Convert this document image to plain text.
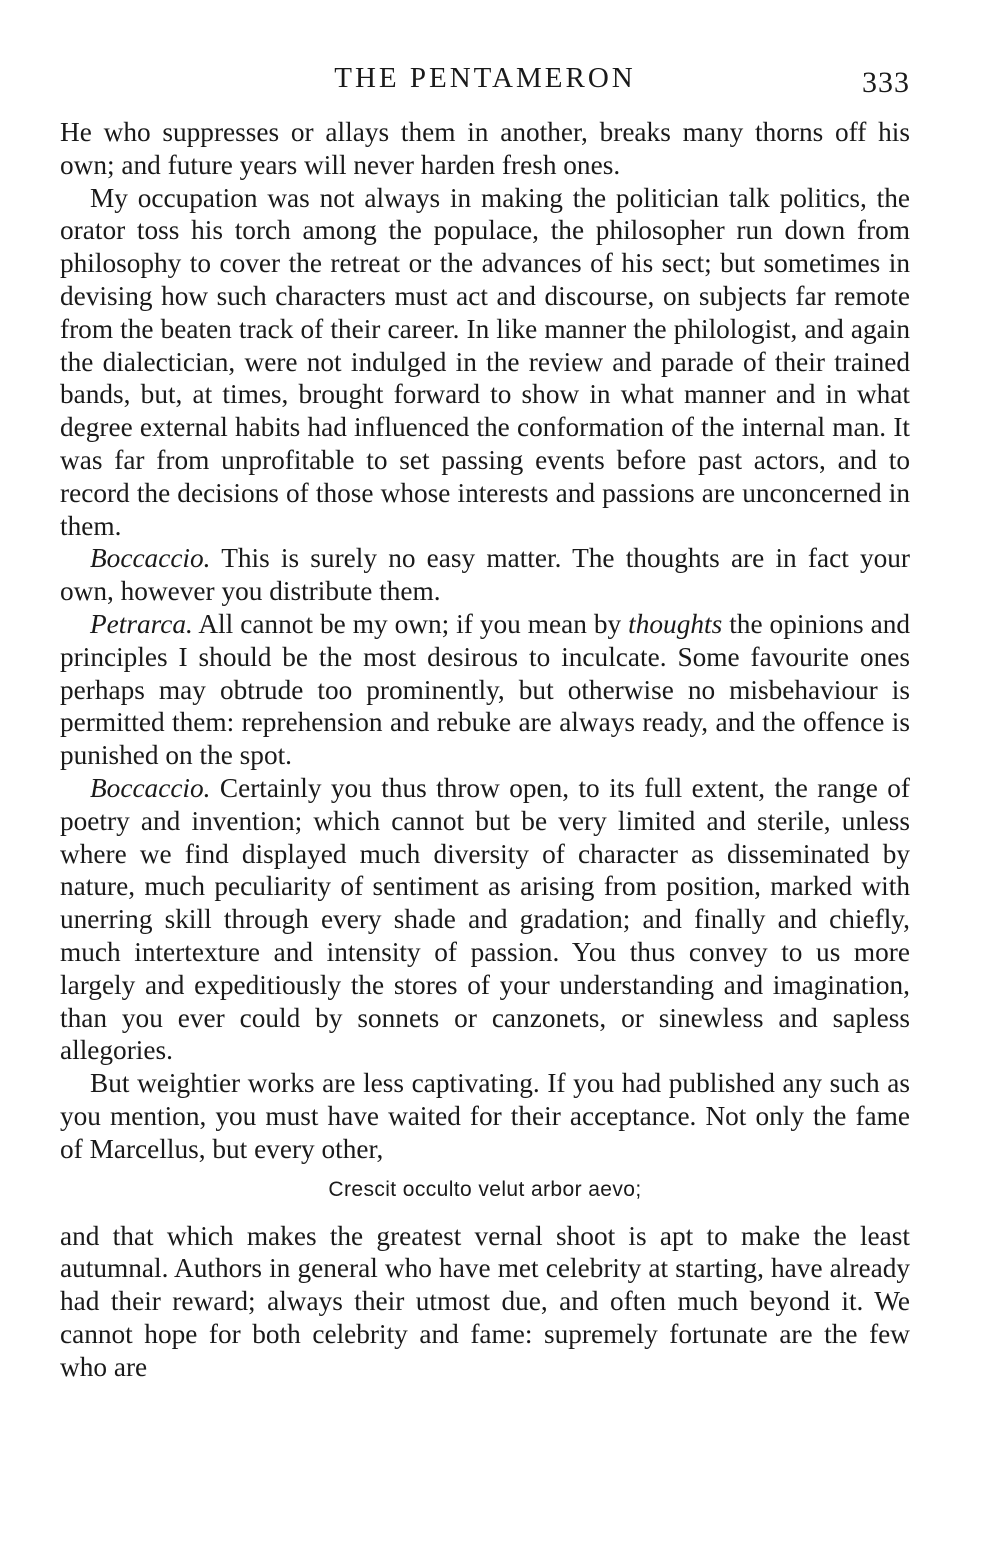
THE PENTAMERON	333

He who suppresses or allays them in another, breaks many thorns off his own; and future years will never harden fresh ones.

My occupation was not always in making the politician talk politics, the orator toss his torch among the populace, the philosopher run down from philosophy to cover the retreat or the advances of his sect; but sometimes in devising how such characters must act and discourse, on subjects far remote from the beaten track of their career. In like manner the philologist, and again the dialectician, were not indulged in the review and parade of their trained bands, but, at times, brought forward to show in what manner and in what degree external habits had influenced the conformation of the internal man. It was far from unprofitable to set passing events before past actors, and to record the decisions of those whose interests and passions are unconcerned in them.

Boccaccio. This is surely no easy matter. The thoughts are in fact your own, however you distribute them.

Petrarca. All cannot be my own; if you mean by thoughts the opinions and principles I should be the most desirous to inculcate. Some favourite ones perhaps may obtrude too prominently, but otherwise no misbehaviour is permitted them: reprehension and rebuke are always ready, and the offence is punished on the spot.

Boccaccio. Certainly you thus throw open, to its full extent, the range of poetry and invention; which cannot but be very limited and sterile, unless where we find displayed much diversity of character as disseminated by nature, much peculiarity of sentiment as arising from position, marked with unerring skill through every shade and gradation; and finally and chiefly, much intertexture and intensity of passion. You thus convey to us more largely and expeditiously the stores of your understanding and imagination, than you ever could by sonnets or canzonets, or sinewless and sapless allegories.

But weightier works are less captivating. If you had published any such as you mention, you must have waited for their acceptance. Not only the fame of Marcellus, but every other,

Crescit occulto velut arbor aevo;

and that which makes the greatest vernal shoot is apt to make the least autumnal. Authors in general who have met celebrity at starting, have already had their reward; always their utmost due, and often much beyond it. We cannot hope for both celebrity and fame: supremely fortunate are the few who are
